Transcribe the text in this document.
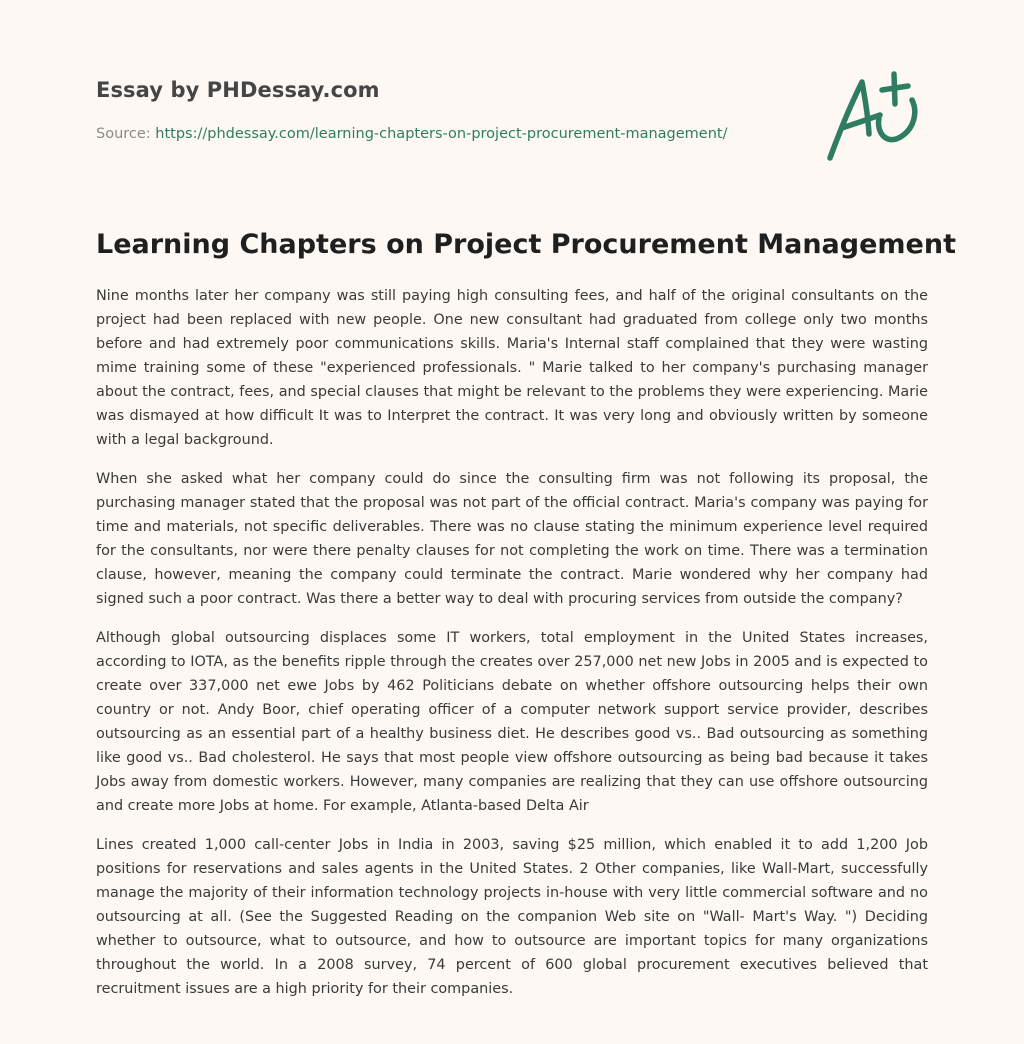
Essay by PHDessay.com
Source: https://phdessay.com/learning-chapters-on-project-procurement-management/
Learning Chapters on Project Procurement Management

Nine months later her company was still paying high consulting fees, and half of the original consultants on the project had been replaced with new people. One new consultant had graduated from college only two months before and had extremely poor communications skills. Maria's Internal staff complained that they were wasting mime training some of these "experienced professionals. " Marie talked to her company's purchasing manager about the contract, fees, and special clauses that might be relevant to the problems they were experiencing. Marie was dismayed at how difficult It was to Interpret the contract. It was very long and obviously written by someone with a legal background.

When she asked what her company could do since the consulting firm was not following its proposal, the purchasing manager stated that the proposal was not part of the official contract. Maria's company was paying for time and materials, not specific deliverables. There was no clause stating the minimum experience level required for the consultants, nor were there penalty clauses for not completing the work on time. There was a termination clause, however, meaning the company could terminate the contract. Marie wondered why her company had signed such a poor contract. Was there a better way to deal with procuring services from outside the company?

Although global outsourcing displaces some IT workers, total employment in the United States increases, according to IOTA, as the benefits ripple through the creates over 257,000 net new Jobs in 2005 and is expected to create over 337,000 net ewe Jobs by 462 Politicians debate on whether offshore outsourcing helps their own country or not. Andy Boor, chief operating officer of a computer network support service provider, describes outsourcing as an essential part of a healthy business diet. He describes good vs.. Bad outsourcing as something like good vs.. Bad cholesterol. He says that most people view offshore outsourcing as being bad because it takes Jobs away from domestic workers. However, many companies are realizing that they can use offshore outsourcing and create more Jobs at home. For example, Atlanta-based Delta Air

Lines created 1,000 call-center Jobs in India in 2003, saving $25 million, which enabled it to add 1,200 Job positions for reservations and sales agents in the United States. 2 Other companies, like Wall-Mart, successfully manage the majority of their information technology projects in-house with very little commercial software and no outsourcing at all. (See the Suggested Reading on the companion Web site on "Wall- Mart's Way. ") Deciding whether to outsource, what to outsource, and how to outsource are important topics for many organizations throughout the world. In a 2008 survey, 74 percent of 600 global procurement executives believed that recruitment issues are a high priority for their companies.
